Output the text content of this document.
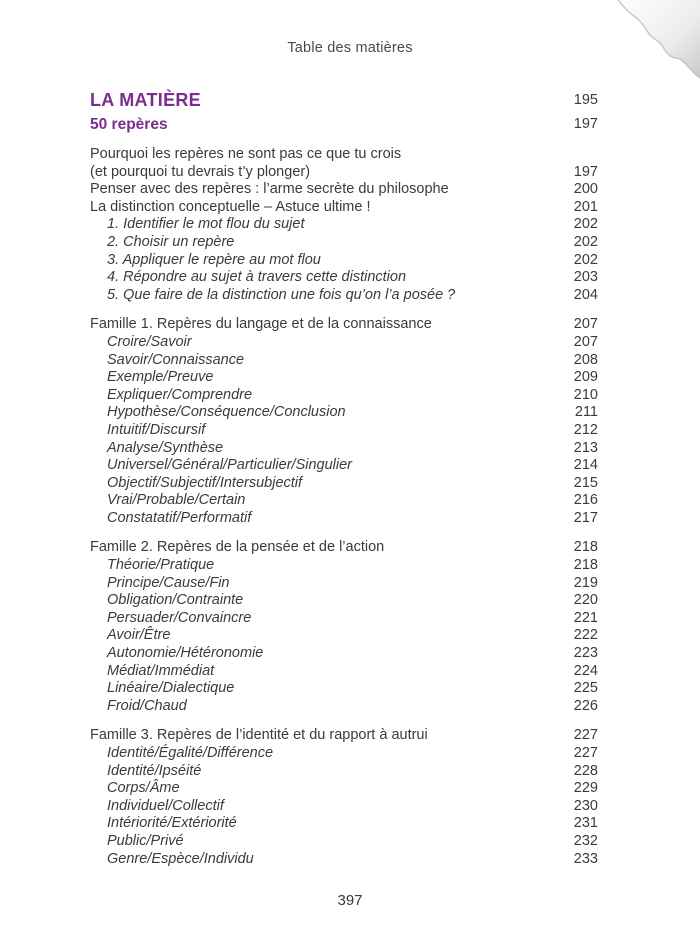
Table des matières
LA MATIÈRE	195
50 repères	197
Pourquoi les repères ne sont pas ce que tu crois
(et pourquoi tu devrais t’y plonger)	197
Penser avec des repères : l’arme secrète du philosophe	200
La distinction conceptuelle – Astuce ultime !	201
1. Identifier le mot flou du sujet	202
2. Choisir un repère	202
3. Appliquer le repère au mot flou	202
4. Répondre au sujet à travers cette distinction	203
5. Que faire de la distinction une fois qu’on l’a posée ?	204
Famille 1. Repères du langage et de la connaissance	207
Croire/Savoir	207
Savoir/Connaissance	208
Exemple/Preuve	209
Expliquer/Comprendre	210
Hypothèse/Conséquence/Conclusion	211
Intuitif/Discursif	212
Analyse/Synthèse	213
Universel/Général/Particulier/Singulier	214
Objectif/Subjectif/Intersubjectif	215
Vrai/Probable/Certain	216
Constatatif/Performatif	217
Famille 2. Repères de la pensée et de l’action	218
Théorie/Pratique	218
Principe/Cause/Fin	219
Obligation/Contrainte	220
Persuader/Convaincre	221
Avoir/Être	222
Autonomie/Hétéronomie	223
Médiat/Immédiat	224
Linéaire/Dialectique	225
Froid/Chaud	226
Famille 3. Repères de l’identité et du rapport à autrui	227
Identité/Égalité/Différence	227
Identité/Ipséité	228
Corps/Âme	229
Individuel/Collectif	230
Intériorité/Extériorité	231
Public/Privé	232
Genre/Espèce/Individu	233
397
